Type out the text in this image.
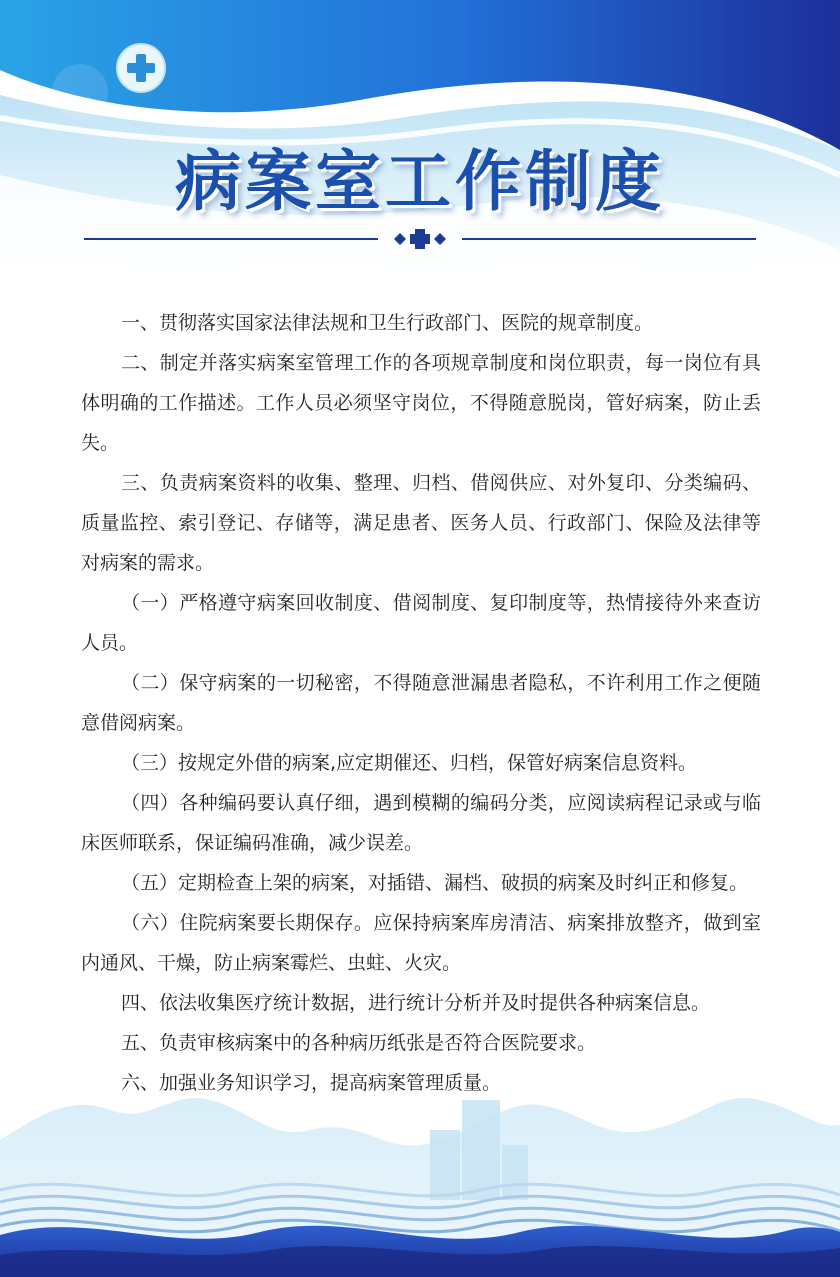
病案室工作制度

一、贯彻落实国家法律法规和卫生行政部门、医院的规章制度。

二、制定并落实病案室管理工作的各项规章制度和岗位职责，每一岗位有具体明确的工作描述。工作人员必须坚守岗位，不得随意脱岗，管好病案，防止丢失。

三、负责病案资料的收集、整理、归档、借阅供应、对外复印、分类编码、质量监控、索引登记、存储等，满足患者、医务人员、行政部门、保险及法律等对病案的需求。

（一）严格遵守病案回收制度、借阅制度、复印制度等，热情接待外来查访人员。

（二）保守病案的一切秘密，不得随意泄漏患者隐私，不许利用工作之便随意借阅病案。

（三）按规定外借的病案,应定期催还、归档，保管好病案信息资料。

（四）各种编码要认真仔细，遇到模糊的编码分类，应阅读病程记录或与临床医师联系，保证编码准确，减少误差。

（五）定期检查上架的病案，对插错、漏档、破损的病案及时纠正和修复。

（六）住院病案要长期保存。应保持病案库房清洁、病案排放整齐，做到室内通风、干燥，防止病案霉烂、虫蛀、火灾。

四、依法收集医疗统计数据，进行统计分析并及时提供各种病案信息。

五、负责审核病案中的各种病历纸张是否符合医院要求。

六、加强业务知识学习，提高病案管理质量。
